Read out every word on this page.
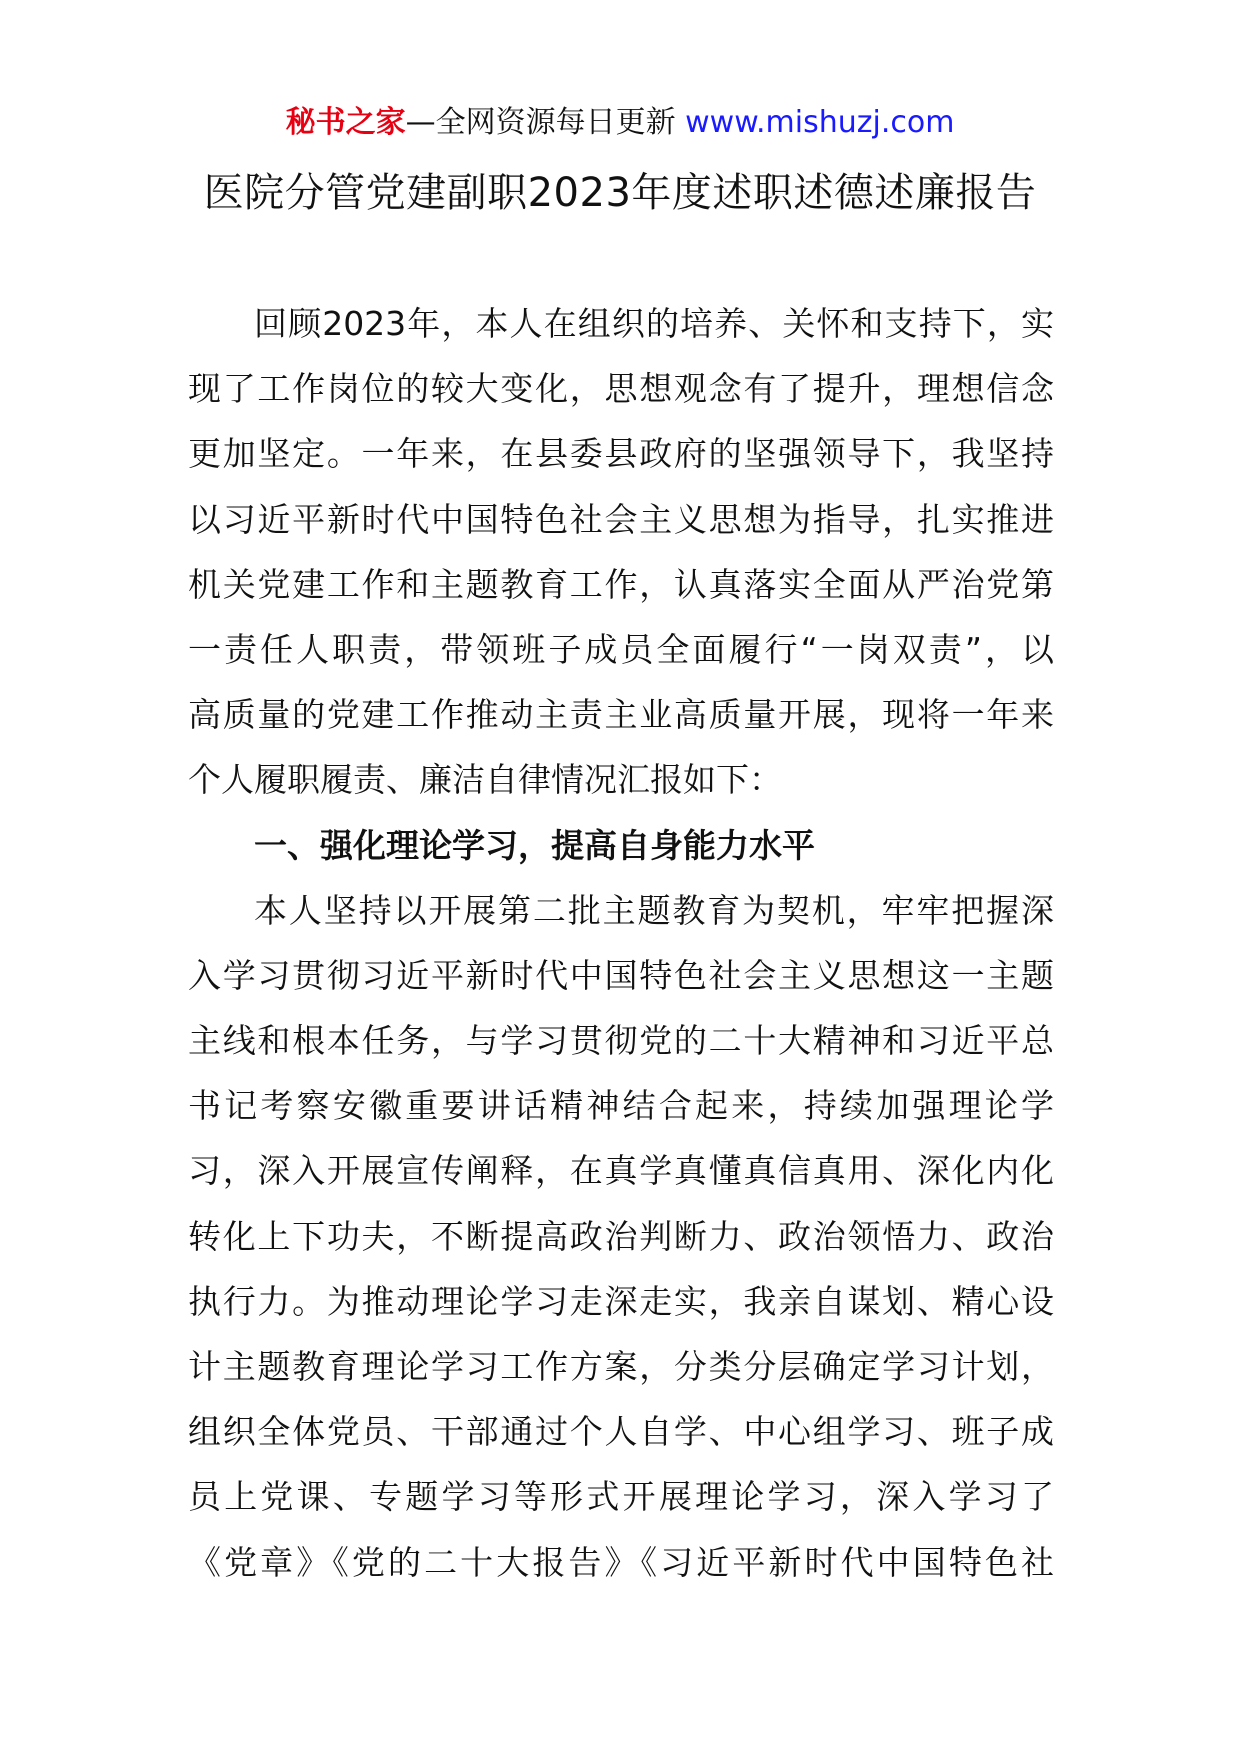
秘书之家—全网资源每日更新 www.mishuzj.com
医院分管党建副职2023年度述职述德述廉报告
回顾2023年，本人在组织的培养、关怀和支持下，实
现了工作岗位的较大变化，思想观念有了提升，理想信念
更加坚定。一年来，在县委县政府的坚强领导下，我坚持
以习近平新时代中国特色社会主义思想为指导，扎实推进
机关党建工作和主题教育工作，认真落实全面从严治党第
一责任人职责，带领班子成员全面履行“一岗双责”，以
高质量的党建工作推动主责主业高质量开展，现将一年来
个人履职履责、廉洁自律情况汇报如下：
一、强化理论学习，提高自身能力水平
本人坚持以开展第二批主题教育为契机，牢牢把握深
入学习贯彻习近平新时代中国特色社会主义思想这一主题
主线和根本任务，与学习贯彻党的二十大精神和习近平总
书记考察安徽重要讲话精神结合起来，持续加强理论学
习，深入开展宣传阐释，在真学真懂真信真用、深化内化
转化上下功夫，不断提高政治判断力、政治领悟力、政治
执行力。为推动理论学习走深走实，我亲自谋划、精心设
计主题教育理论学习工作方案，分类分层确定学习计划，
组织全体党员、干部通过个人自学、中心组学习、班子成
员上党课、专题学习等形式开展理论学习，深入学习了
《党章》《党的二十大报告》《习近平新时代中国特色社
